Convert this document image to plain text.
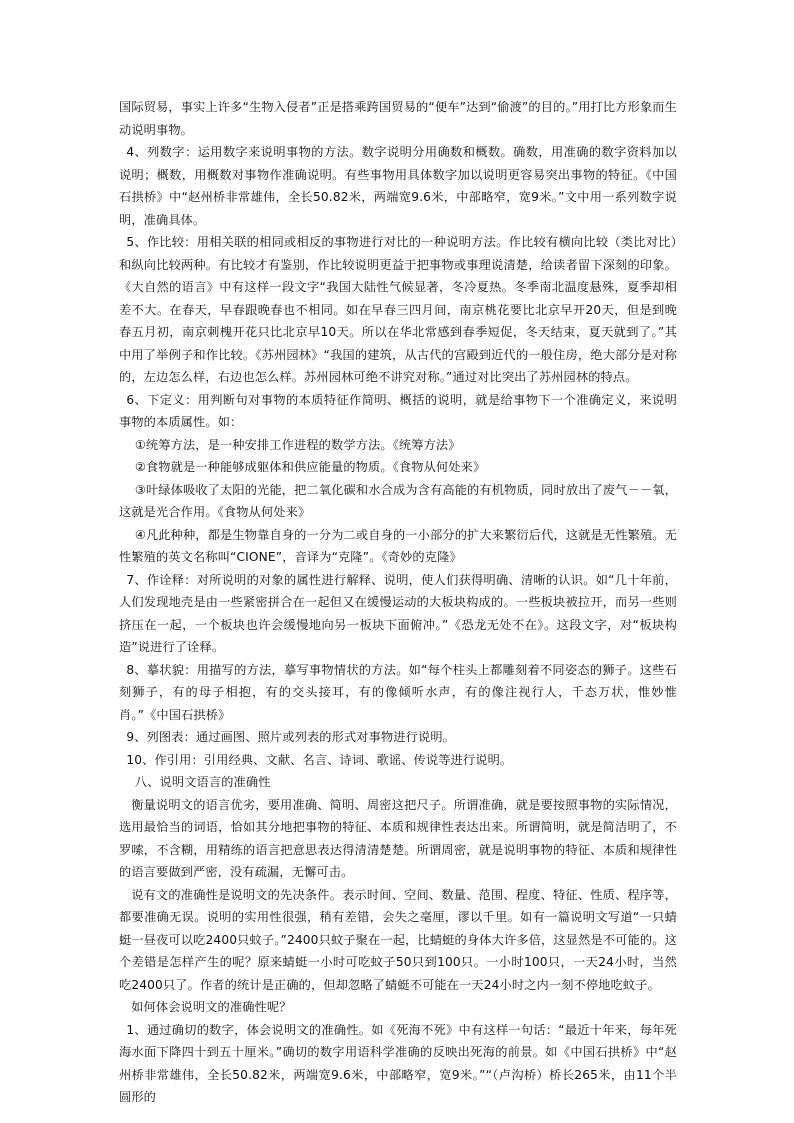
国际贸易，事实上许多“生物入侵者”正是搭乘跨国贸易的“便车”达到“偷渡”的目的。”用打比方形象而生动说明事物。

4、列数字：运用数字来说明事物的方法。数字说明分用确数和概数。确数，用准确的数字资料加以说明；概数，用概数对事物作准确说明。有些事物用具体数字加以说明更容易突出事物的特征。《中国石拱桥》中“赵州桥非常雄伟，全长50.82米，两端宽9.6米，中部略窄，宽9米。”文中用一系列数字说明，准确具体。

5、作比较：用相关联的相同或相反的事物进行对比的一种说明方法。作比较有横向比较（类比对比）和纵向比较两种。有比较才有鉴别，作比较说明更益于把事物或事理说清楚，给读者留下深刻的印象。《大自然的语言》中有这样一段文字“我国大陆性气候显著，冬冷夏热。冬季南北温度悬殊，夏季却相差不大。在春天，早春跟晚春也不相同。如在早春三四月间，南京桃花要比北京早开20天，但是到晚春五月初，南京刺槐开花只比北京早10天。所以在华北常感到春季短促，冬天结束，夏天就到了。”其中用了举例子和作比较。《苏州园林》“我国的建筑，从古代的宫殿到近代的一般住房，绝大部分是对称的，左边怎么样，右边也怎么样。苏州园林可绝不讲究对称。”通过对比突出了苏州园林的特点。

6、下定义：用判断句对事物的本质特征作简明、概括的说明，就是给事物下一个准确定义，来说明事物的本质属性。如：

①统筹方法，是一种安排工作进程的数学方法。《统筹方法》

②食物就是一种能够成躯体和供应能量的物质。《食物从何处来》

③叶绿体吸收了太阳的光能，把二氧化碳和水合成为含有高能的有机物质，同时放出了废气－－氧，这就是光合作用。《食物从何处来》

④凡此种种，都是生物靠自身的一分为二或自身的一小部分的扩大来繁衍后代，这就是无性繁殖。无性繁殖的英文名称叫“CIONE”，音译为“克隆”。《奇妙的克隆》

7、作诠释：对所说明的对象的属性进行解释、说明，使人们获得明确、清晰的认识。如“几十年前，人们发现地壳是由一些紧密拼合在一起但又在缓慢运动的大板块构成的。一些板块被拉开，而另一些则挤压在一起，一个板块也许会缓慢地向另一板块下面俯冲。”《恐龙无处不在》。这段文字，对“板块构造”说进行了诠释。

8、摹状貌：用描写的方法，摹写事物情状的方法。如“每个柱头上都雕刻着不同姿态的狮子。这些石刻狮子，有的母子相抱，有的交头接耳，有的像倾听水声，有的像注视行人，千态万状，惟妙惟肖。”《中国石拱桥》

9、列图表：通过画图、照片或列表的形式对事物进行说明。

10、作引用：引用经典、文献、名言、诗词、歌谣、传说等进行说明。

八、说明文语言的准确性

衡量说明文的语言优劣，要用准确、简明、周密这把尺子。所谓准确，就是要按照事物的实际情况，选用最恰当的词语，恰如其分地把事物的特征、本质和规律性表达出来。所谓简明，就是简洁明了，不罗嗦，不含糊，用精练的语言把意思表达得清清楚楚。所谓周密，就是说明事物的特征、本质和规律性的语言要做到严密，没有疏漏，无懈可击。

说有文的准确性是说明文的先决条件。表示时间、空间、数量、范围、程度、特征、性质、程序等，都要准确无误。说明的实用性很强，稍有差错，会失之毫厘，谬以千里。如有一篇说明文写道“一只蜻蜓一昼夜可以吃2400只蚊子。”2400只蚊子聚在一起，比蜻蜓的身体大许多倍，这显然是不可能的。这个差错是怎样产生的呢？原来蜻蜓一小时可吃蚊子50只到100只。一小时100只，一天24小时，当然吃2400只了。作者的统计是正确的，但却忽略了蜻蜓不可能在一天24小时之内一刻不停地吃蚊子。

如何体会说明文的准确性呢？

1、通过确切的数字，体会说明文的准确性。如《死海不死》中有这样一句话：“最近十年来，每年死海水面下降四十到五十厘米。”确切的数字用语科学准确的反映出死海的前景。如《中国石拱桥》中“赵州桥非常雄伟，全长50.82米，两端宽9.6米，中部略窄，宽9米。”“（卢沟桥）桥长265米，由11个半圆形的
